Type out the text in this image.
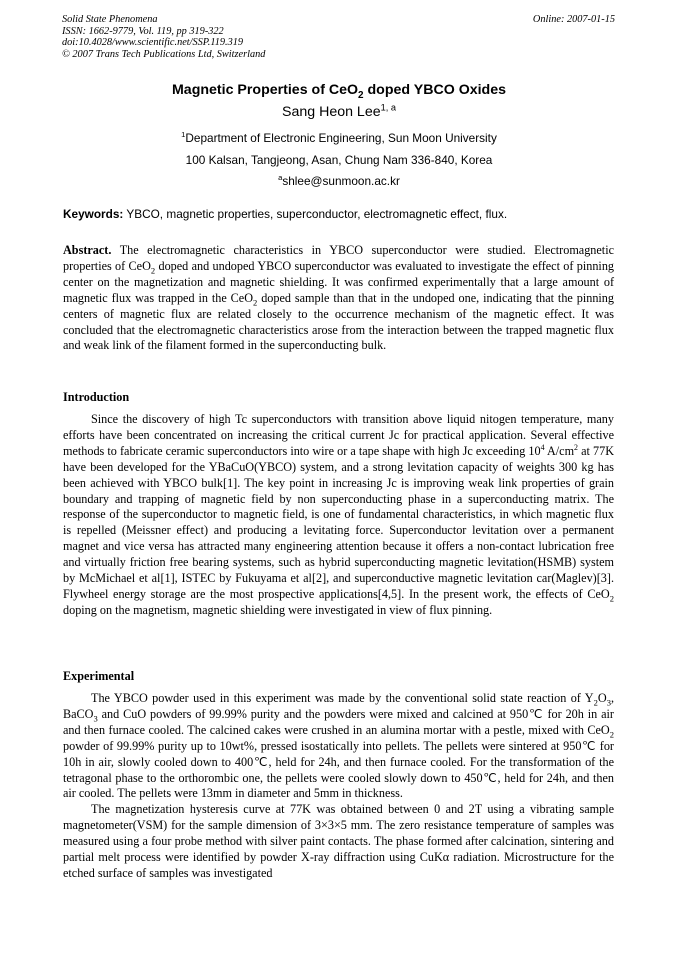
Solid State Phenomena
ISSN: 1662-9779, Vol. 119, pp 319-322
doi:10.4028/www.scientific.net/SSP.119.319
© 2007 Trans Tech Publications Ltd, Switzerland
Online: 2007-01-15
Magnetic Properties of CeO$_2$ doped YBCO Oxides
Sang Heon Lee$^{1, a}$
$^1$Department of Electronic Engineering, Sun Moon University
100 Kalsan, Tangjeong, Asan, Chung Nam 336-840, Korea
$^a$shlee@sunmoon.ac.kr
Keywords: YBCO, magnetic properties, superconductor, electromagnetic effect, flux.
Abstract. The electromagnetic characteristics in YBCO superconductor were studied. Electromagnetic properties of CeO$_2$ doped and undoped YBCO superconductor was evaluated to investigate the effect of pinning center on the magnetization and magnetic shielding. It was confirmed experimentally that a large amount of magnetic flux was trapped in the CeO$_2$ doped sample than that in the undoped one, indicating that the pinning centers of magnetic flux are related closely to the occurrence mechanism of the magnetic effect. It was concluded that the electromagnetic characteristics arose from the interaction between the trapped magnetic flux and weak link of the filament formed in the superconducting bulk.
Introduction

Since the discovery of high Tc superconductors with transition above liquid nitogen temperature, many efforts have been concentrated on increasing the critical current Jc for practical application. Several effective methods to fabricate ceramic superconductors into wire or a tape shape with high Jc exceeding $10^4$ $A/cm^2$ at 77K have been developed for the YBaCuO(YBCO) system, and a strong levitation capacity of weights 300 kg has been achieved with YBCO bulk[1]. The key point in increasing Jc is improving weak link properties of grain boundary and trapping of magnetic field by non superconducting phase in a superconducting matrix. The response of the superconductor to magnetic field, is one of fundamental characteristics, in which magnetic flux is repelled (Meissner effect) and producing a levitating force. Superconductor levitation over a permanent magnet and vice versa has attracted many engineering attention because it offers a non-contact lubrication free and virtually friction free bearing systems, such as hybrid superconducting magnetic levitation(HSMB) system by McMichael et al[1], ISTEC by Fukuyama et al[2], and superconductive magnetic levitation car(Maglev)[3]. Flywheel energy storage are the most prospective applications[4,5]. In the present work, the effects of CeO$_2$ doping on the magnetism, magnetic shielding were investigated in view of flux pinning.

Experimental

The YBCO powder used in this experiment was made by the conventional solid state reaction of $Y_2O_3$, BaCO$_3$ and CuO powders of 99.99% purity and the powders were mixed and calcined at 950℃ for 20h in air and then furnace cooled. The calcined cakes were crushed in an alumina mortar with a pestle, mixed with CeO$_2$ powder of 99.99% purity up to 10wt%, pressed isostatically into pellets. The pellets were sintered at 950℃ for 10h in air, slowly cooled down to 400℃, held for 24h, and then furnace cooled. For the transformation of the tetragonal phase to the orthorombic one, the pellets were cooled slowly down to 450℃, held for 24h, and then air cooled. The pellets were 13mm in diameter and 5mm in thickness.

The magnetization hysteresis curve at 77K was obtained between 0 and 2T using a vibrating sample magnetometer(VSM) for the sample dimension of 3×3×5 mm. The zero resistance temperature of samples was measured using a four probe method with silver paint contacts. The phase formed after calcination, sintering and partial melt process were identified by powder X-ray diffraction using CuKα radiation. Microstructure for the etched surface of samples was investigated
